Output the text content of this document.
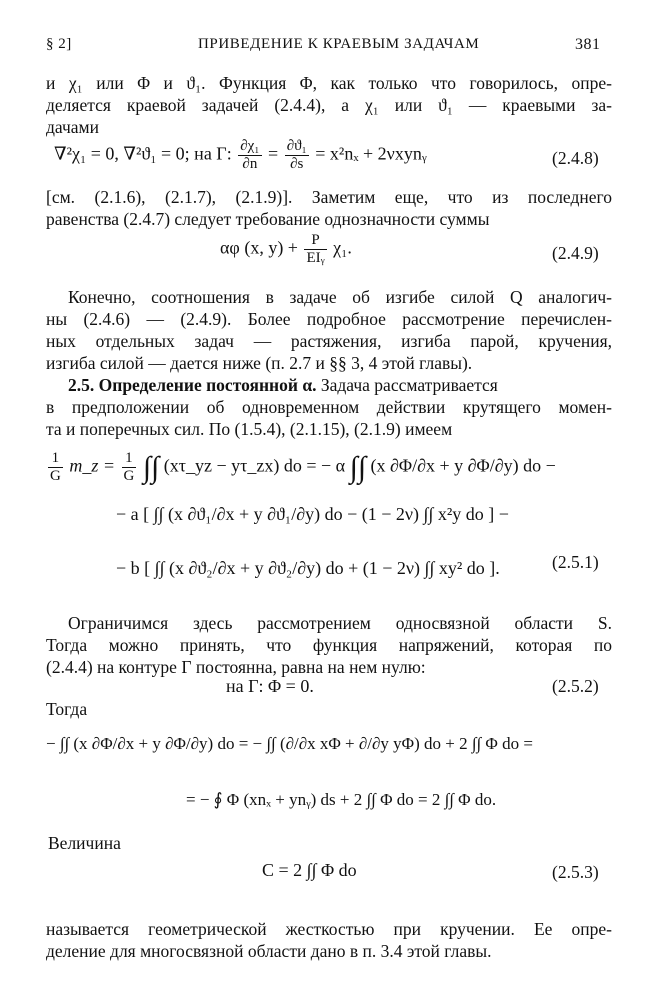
§ 2]	ПРИВЕДЕНИЕ К КРАЕВЫМ ЗАДАЧАМ	381
и χ₁ или Φ и ϑ₁. Функция Φ, как только что говорилось, опре-
деляется краевой задачей (2.4.4), а χ₁ или ϑ₁ — краевыми за-
дачами
∇²χ₁ = 0, ∇²ϑ₁ = 0; на Γ: $\frac{\text{∂χ₁}}{\partial n} = \frac{\text{∂ϑ₁}}{\partial s} = x^2n_x$ + 2νxynᵧ	(2.4.8)
[см. (2.1.6), (2.1.7), (2.1.9)]. Заметим еще, что из последнего
равенства (2.4.7) следует требование однозначности суммы
αφ (x, $y) + \frac{P}{\text{EIᵧ}} \chi_1$.	(2.4.9)
Конечно, соотношения в задаче об изгибе силой Q аналогич-
ны (2.4.6) — (2.4.9). Более подробное рассмотрение перечислен-
ных отдельных задач — растяжения, изгиба парой, кручения,
изгиба силой — дается ниже (п. 2.7 и §§ 3, 4 этой главы).
2.5. Определение постоянной α. Задача рассматривается
в предположении об одновременном действии крутящего момен-
та и поперечных сил. По (1.5.4), (2.1.15), (2.1.9) имеем
$\frac{1}{G}$ m_z = $\frac{1}{G}$ ∫∫ (xτ_yz − yτ_zx) do = − α ∫∫ (x ∂Φ/∂x + y ∂Φ/∂y) do −
− a [ ∫∫ (x ∂ϑ₁/∂x + y ∂ϑ₁/∂y) do − (1 − 2ν) ∫∫ x²y do ] −
− b [ ∫∫ (x ∂ϑ₂/∂x + y ∂ϑ₂/∂y) do + (1 − 2ν) ∫∫ xy² do ].	(2.5.1)
Ограничимся здесь рассмотрением односвязной области S.
Тогда можно принять, что функция напряжений, которая по
(2.4.4) на контуре Γ постоянна, равна на нем нулю:
на Γ: Φ = 0.	(2.5.2)
Тогда
− ∫∫ (x ∂Φ/∂x + y ∂Φ/∂y) do = − ∫∫ (∂/∂x xΦ + ∂/∂y yΦ) do + 2 ∫∫ Φ do =
= − ∮ Φ (xnₓ + ynᵧ) ds + 2 ∫∫ Φ do = 2 ∫∫ Φ do.
Величина
C = 2 ∫∫ Φ do	(2.5.3)
называется геометрической жесткостью при кручении. Ее опре-
деление для многосвязной области дано в п. 3.4 этой главы.
